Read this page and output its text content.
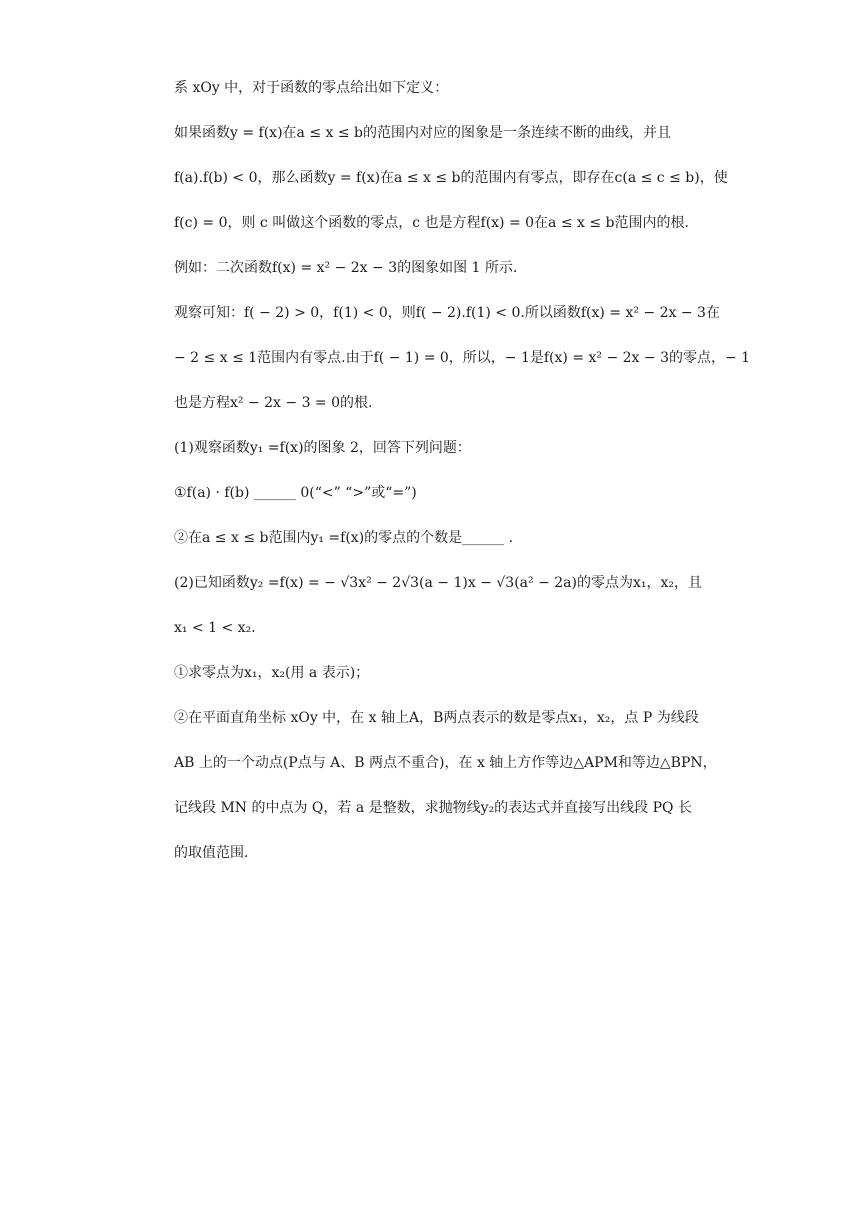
系 xOy 中，对于函数的零点给出如下定义：
如果函数y = f(x)在a ≤ x ≤ b的范围内对应的图象是一条连续不断的曲线，并且
f(a).f(b) < 0，那么函数y = f(x)在a ≤ x ≤ b的范围内有零点，即存在c(a ≤ c ≤ b)，使
f(c) = 0，则 c 叫做这个函数的零点，c 也是方程f(x) = 0在a ≤ x ≤ b范围内的根.
例如：二次函数f(x) = x² − 2x − 3的图象如图 1 所示.
观察可知：f( − 2) > 0，f(1) < 0，则f( − 2).f(1) < 0.所以函数f(x) = x² − 2x − 3在
− 2 ≤ x ≤ 1范围内有零点.由于f( − 1) = 0，所以，− 1是f(x) = x² − 2x − 3的零点，− 1
也是方程x² − 2x − 3 = 0的根.
(1)观察函数y₁ =f(x)的图象 2，回答下列问题：
①f(a) · f(b) ______ 0(“<” “>”或“=”)
②在a ≤ x ≤ b范围内y₁ =f(x)的零点的个数是______ .
(2)已知函数y₂ =f(x) = − √3x² − 2√3(a − 1)x − √3(a² − 2a)的零点为x₁，x₂，且
x₁ < 1 < x₂.
①求零点为x₁，x₂(用 a 表示)；
②在平面直角坐标 xOy 中，在 x 轴上A，B两点表示的数是零点x₁，x₂，点 P 为线段
AB 上的一个动点(P点与 A、B 两点不重合)，在 x 轴上方作等边△APM和等边△BPN，
记线段 MN 的中点为 Q，若 a 是整数，求抛物线y₂的表达式并直接写出线段 PQ 长
的取值范围.
